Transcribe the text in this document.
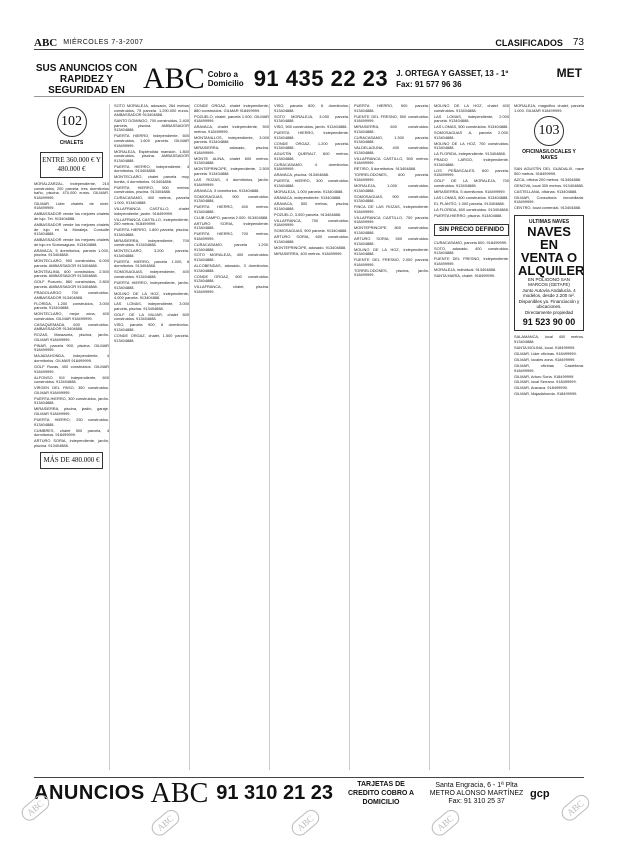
ABC MIÉRCOLES 7-3-2007	CLASIFICADOS 73
SUS ANUNCIOS CON RAPIDEZ Y SEGURIDAD EN ABC Cobro a Domicilio 91 435 22 23 J. ORTEGA Y GASSET, 13 - 1º
Fax: 91 577 96 36
MET
102
CHALETS
ENTRE 360.000 € Y 480.000 €

MORALZARZAL, independiente, 210 construidos, 200 parcela, tres dormitorios baño, piscina. 470.000 euros. GILMAR. 918499999.

GILMAR. Lider chalets de nivel. 918499999.

AMBASSADOR vende los mejores chalets de lujo. Tel. 913404888.

AMBASSADOR vende los mejores chalets de lujo en la Moraleja. Consulte 913404888.

AMBASSADOR vende los mejores chalets de lujo en Somosaguas. 913404888.

ARAVACA, 5 dormitorios, parcela 1.000, piscina. 913404888.

MONTECLARO, 900 construidos, 6.000 parcela. AMBASSADOR 913404888.

MONTEALINA, 600 construidos, 2.500 parcela. AMBASSADOR 913404888.

GOLF Pozuelo, 860 construidos, 2.800 parcela. AMBASSADOR 913404888.

PRADOLARGO 700 construidos. AMBASSADOR 913404888.

FLORIDA, 1.200 construidos, 3.000 parcela. 913404888.

MONTECLARO, mejor zona, 400 construidos. GILMAR 918499999.

CASAQUEMADA, 600 construidos. AMBASSADOR 913404888.

ROZAS, Marazuela, piscina, jardín. GILMAR 918499999.

PINAR, parcela 900, piscina. GILMAR 918499999.

MAJADAHONDA, independiente, 4 dormitorios. GILMAR 918499999.

GOLF Rozas, 400 construidos. GILMAR 918499999.

ALFONSO XIII independiente, 600 construidos. 913404888.

VIRGEN DEL PASO, 350 construidos. GILMAR 918499999.

PUERTA HIERRO, 300 construidos, jardín. 913404888.

MIRASIERRA, piscina, jardín, garaje. GILMAR 918499999.

PUERTA HIERRO, 250 construidos. 913404888.

CUMBRES, chalet 500 parcela, 4 dormitorios. 918499999.

ARTURO SORIA, independiente, jardín, piscina. 913404888.

MÁS DE 480.000 €

SOTO MORALEJA, adosado, 264 metros construidos, 75 parcela. 1.290.000 euros. AMBASSADOR 913404888.

SANTO DOMINGO, 700 construidos, 2.400 parcela, piscina. AMBASSADOR 913404888.

PUERTA HIERRO, independiente, 600 construidos, 1.600 parcela. GILMAR 918499999.

MORALEJA, Espléndida mansión, 1.800 construidos, piscina. AMBASSADOR 913404888.

PUERTA HIERRO, independiente, 4 dormitorios. 913404888.

MONTECLARO, chalet parcela muy bonita, 4 dormitorios. 913404888.

PUERTA HIERRO, 500 metros construidos, piscina. 913404888.

CURACASAMO, 400 metros, parcela 1.000. 913404888.

VILLAFRANCA CASTILLO, chalet independiente, jardín. 918499999.

VILLAFRANCA CASTILLO, independiente, 250 metros. 918499999.

PUERTA HIERRO, 1.800 parcela, piscina. 913404888.

MIRASIERRA, independiente, 700 construidos. 913404888.

MONTECLARO, 3.200 parcela. 913404888.

PUERTA HIERRO, parcela 1.000, 6 dormitorios. 913404888.

SOMOSAGUAS, independiente, 400 construidos. 913404888.

PUERTA HIERRO, independiente, jardín. 913404888.

MOLINO DE LA HOZ, independiente, 4.000 parcela. 913404888.

LAS LOMAS, independiente, 3.000 parcela, piscina. 913404888.

GOLF DE LA MUJAR, chalet 600 construidos. 913404888.

VISO, parcela 900, 8 dormitorios. 913404888.

CONDE ORGAZ, chalet, 1.500 parcela. 913404888.

CONDE ORGAZ, chalet independiente, 880 construidos. GILMAR 918499999.

POZUELO, chalet, parcela 1.000. GILMAR 918499999.

ARAVACA, chalet independiente, 500 metros. 918499999.

MONTANILLOS, independiente, 3.000 parcela. 913404888.

MIRASIERRA, adosado, piscina. 918499999.

MONTE ALINA, chalet 600 metros. 913404888.

MONTEPRINCIPE, independiente, 2.500 parcela. 913404888.

LAS ROZAS, 4 dormitorios, jardín. 918499999.

ARAVACA, 5 dormitorios. 913404888.

SOMOSAGUAS, 900 construidos. 913404888.

PUERTA HIERRO, 400 metros. 913404888.

CLUB CAMPO, parcela 2.000. 913404888.

ARTURO SORIA, independiente. 913404888.

PUERTA HIERRO, 700 metros. 918499999.

CURACASAMO, parcela 1.200. 913404888.

SOTO MORALEJA, 400 construidos. 913404888.

ALCOBENDAS, adosado, 3 dormitorios. 913404888.

CONDE ORGAZ, 600 construidos. 913404888.

VILLAFRANCA, chalet, piscina. 918499999.

VISO, parcela 800, 6 dormitorios. 913404888.

SOTO MORALEJA, 3.000 parcela. 913404888.

VISO, 500 construidos, jardín. 913404888.

PUERTA HIERRO, independiente. 913404888.

CONDE ORGAZ, 1.200 parcela. 913404888.

AGUSTÍN QUERALT, 600 metros. 913404888.

CURACASAMO, 4 dormitorios. 918499999.

ARAVACA, piscina. 913404888.

PUERTA HIERRO, 300 construidos. 913404888.

MORALEJA, 1.000 parcela. 913404888.

ARAVACA, independiente. 913404888.

ARAVACA, 500 metros, piscina. 913404888.

POZUELO, 3.000 parcela. 913404888.

VILLAFRANCA, 700 construidos. 918499999.

SOMOSAGUAS, 900 parcela. 913404888.

ARTURO SORIA, 600 construidos. 913404888.

MONTEPRINCIPE, adosado. 913404888.

MIRASIERRA, 400 metros. 918499999.

PUERTA HIERRO, 900 parcela. 913404888.

FUENTE DEL FRESNO, 500 construidos. 918499999.

MIRASIERRA, 600 construidos. 913404888.

CURACASAMO, 1.300 parcela. 913404888.

VALDELAGUNA, 400 construidos. 913404888.

VILLAFRANCA CASTILLO, 500 metros. 918499999.

RETIRO, 5 dormitorios. 913404888.

TORRELODONES, 600 parcela. 918499999.

MORALEJA, 1.000 construidos. 913404888.

SOMOSAGUAS, 900 construidos. 913404888.

FINCA DE LAS ROZAS, independiente. 918499999.

VILLAFRANCA CASTILLO, 700 parcela. 918499999.

MONTEPRINCIPE, 800 construidos. 913404888.

ARTURO SORIA, 500 construidos. 913404888.

MOLINO DE LA HOZ, independiente. 913404888.

FUENTE DEL FRESNO, 2.000 parcela. 918499999.

TORRELODONES, piscina, jardín. 918499999.

MOLINO DE LA HOZ, chalet 400 construidos. 913404888.

LAS LOMAS, independiente, 2.000 parcela. 913404888.

LAS LOMAS, 500 construidos. 913404888.

SOMOSAGUAS A, parcela 2.000. 913404888.

MOLINO DE LA HOZ, 700 construidos. 913404888.

LA FLORIDA, independiente. 913404888.

PRADO LARGO, independiente. 913404888.

LOS PEÑASCALES, 600 parcela. 918499999.

GOLF DE LA MORALEJA, 700 construidos. 913404888.

MIRASIERRA, 5 dormitorios. 918499999.

LAS LOMAS, 800 construidos. 913404888.

EL PLANTÍO, 1.000 parcela. 913404888.

LA FLORIDA, 600 construidos. 913404888.

PUERTA HIERRO, piscina. 913404888.

SIN PRECIO DEFINIDO

CURACASAMO, parcela 600. 918499999.

SOTO, adosado, 400 construidos. 913404888.

FUENTE DEL FRESNO, independiente. 918499999.

MORALEJA, individual. 913404888.

SANTA MARÍA, chalet. 918499999.

MORALEJA, magnífico chalet, parcela 1.000. GILMAR 918499999.

103
OFICINAS/LOCALES Y NAVES

SAN AGUSTÍN DEL GUADALIX, nave 500 metros. 918499999.

AZCA, oficina 200 metros. 913404888.

GENOVA, local 300 metros. 913404888.

CASTELLANA, oficinas. 913404888.

GILMAR, Consultoría inmobiliaria. 918499999.

CENTRO, local comercial. 913404888.

ULTIMAS NAVES
NAVES EN VENTA O ALQUILER
EN POLIGONO SAN MARCOS (GETAFE)
Junto Autovía Andalucía. 4 modelos, desde 2.200 m². Disponibles ya. Financiación y ubicaciones.
Directamente propiedad
91 523 90 00

SALAMANCA, local 400 metros. 913404888.

SANTA MOLINA, local. 918499999.

GILMAR, Lider oficinas. 918499999.

GILMAR, locales zona. 918499999.

GILMAR, oficinas Castellana. 918499999.

GILMAR, Arturo Soria. 918499999.

GILMAR, local Serrano. 918499999.

GILMAR, Aravaca. 918499999.

GILMAR, Majadahonda. 918499999.

ANUNCIOS ABC 91 310 21 23	TARJETAS DE CREDITO COBRO A DOMICILIO
Santa Engracia, 6 - 1ª Plta METRO ALONSO MARTÍNEZ Fax: 91 310 25 37
gcp
ABC
ABC	ABC	ABC
ABC
